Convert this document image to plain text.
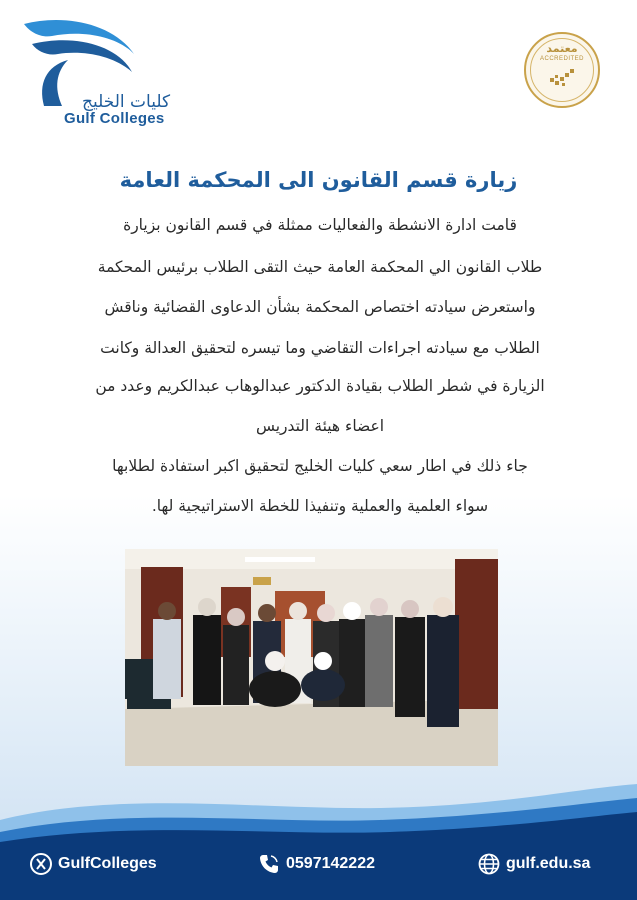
كليات الخليج
Gulf Colleges
معتمد
ACCREDITED
زيارة قسم القانون الى المحكمة العامة
قامت ادارة الانشطة والفعاليات ممثلة في قسم القانون بزيارة
طلاب القانون الي المحكمة العامة حيث التقى الطلاب برئيس المحكمة
واستعرض سيادته اختصاص المحكمة بشأن الدعاوى القضائية وناقش
الطلاب مع سيادته اجراءات التقاضي وما تيسره لتحقيق العدالة وكانت
الزيارة في شطر الطلاب بقيادة الدكتور عبدالوهاب عبدالكريم وعدد من
اعضاء هيئة التدريس
جاء ذلك في اطار سعي كليات الخليج لتحقيق اكبر استفادة لطلابها
سواء العلمية والعملية وتنفيذا للخطة الاستراتيجية لها.
GulfColleges	0597142222	gulf.edu.sa
